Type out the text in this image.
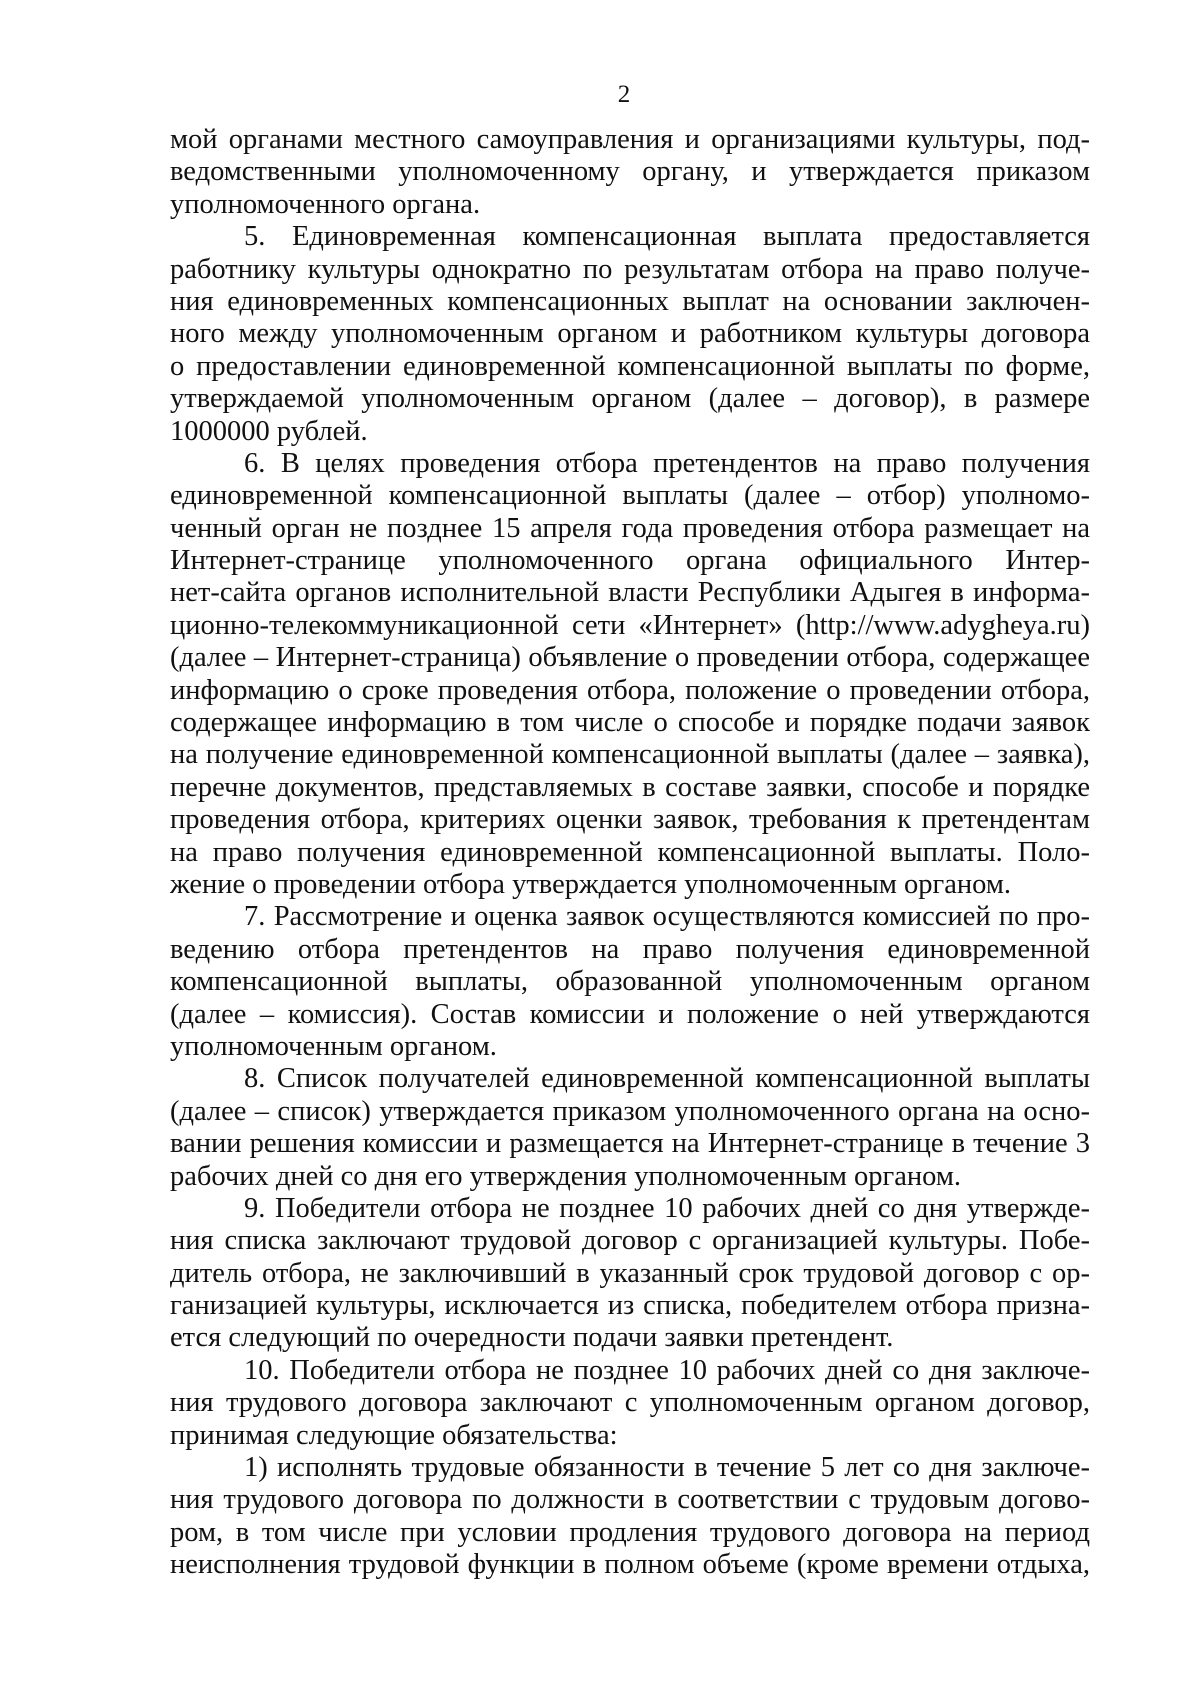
2
мой органами местного самоуправления и организациями культуры, под-
ведомственными уполномоченному органу, и утверждается приказом
уполномоченного органа.
5. Единовременная компенсационная выплата предоставляется
работнику культуры однократно по результатам отбора на право получе-
ния единовременных компенсационных выплат на основании заключен-
ного между уполномоченным органом и работником культуры договора
о предоставлении единовременной компенсационной выплаты по форме,
утверждаемой уполномоченным органом (далее – договор), в размере
1000000 рублей.
6. В целях проведения отбора претендентов на право получения
единовременной компенсационной выплаты (далее – отбор) уполномо-
ченный орган не позднее 15 апреля года проведения отбора размещает на
Интернет-странице уполномоченного органа официального Интер-
нет-сайта органов исполнительной власти Республики Адыгея в информа-
ционно-телекоммуникационной сети «Интернет» (http://www.adygheya.ru)
(далее – Интернет-страница) объявление о проведении отбора, содержащее
информацию о сроке проведения отбора, положение о проведении отбора,
содержащее информацию в том числе о способе и порядке подачи заявок
на получение единовременной компенсационной выплаты (далее – заявка),
перечне документов, представляемых в составе заявки, способе и порядке
проведения отбора, критериях оценки заявок, требования к претендентам
на право получения единовременной компенсационной выплаты. Поло-
жение о проведении отбора утверждается уполномоченным органом.
7. Рассмотрение и оценка заявок осуществляются комиссией по про-
ведению отбора претендентов на право получения единовременной
компенсационной выплаты, образованной уполномоченным органом
(далее – комиссия). Состав комиссии и положение о ней утверждаются
уполномоченным органом.
8. Список получателей единовременной компенсационной выплаты
(далее – список) утверждается приказом уполномоченного органа на осно-
вании решения комиссии и размещается на Интернет-странице в течение 3
рабочих дней со дня его утверждения уполномоченным органом.
9. Победители отбора не позднее 10 рабочих дней со дня утвержде-
ния списка заключают трудовой договор с организацией культуры. Побе-
дитель отбора, не заключивший в указанный срок трудовой договор с ор-
ганизацией культуры, исключается из списка, победителем отбора призна-
ется следующий по очередности подачи заявки претендент.
10. Победители отбора не позднее 10 рабочих дней со дня заключе-
ния трудового договора заключают с уполномоченным органом договор,
принимая следующие обязательства:
1) исполнять трудовые обязанности в течение 5 лет со дня заключе-
ния трудового договора по должности в соответствии с трудовым догово-
ром, в том числе при условии продления трудового договора на период
неисполнения трудовой функции в полном объеме (кроме времени отдыха,
